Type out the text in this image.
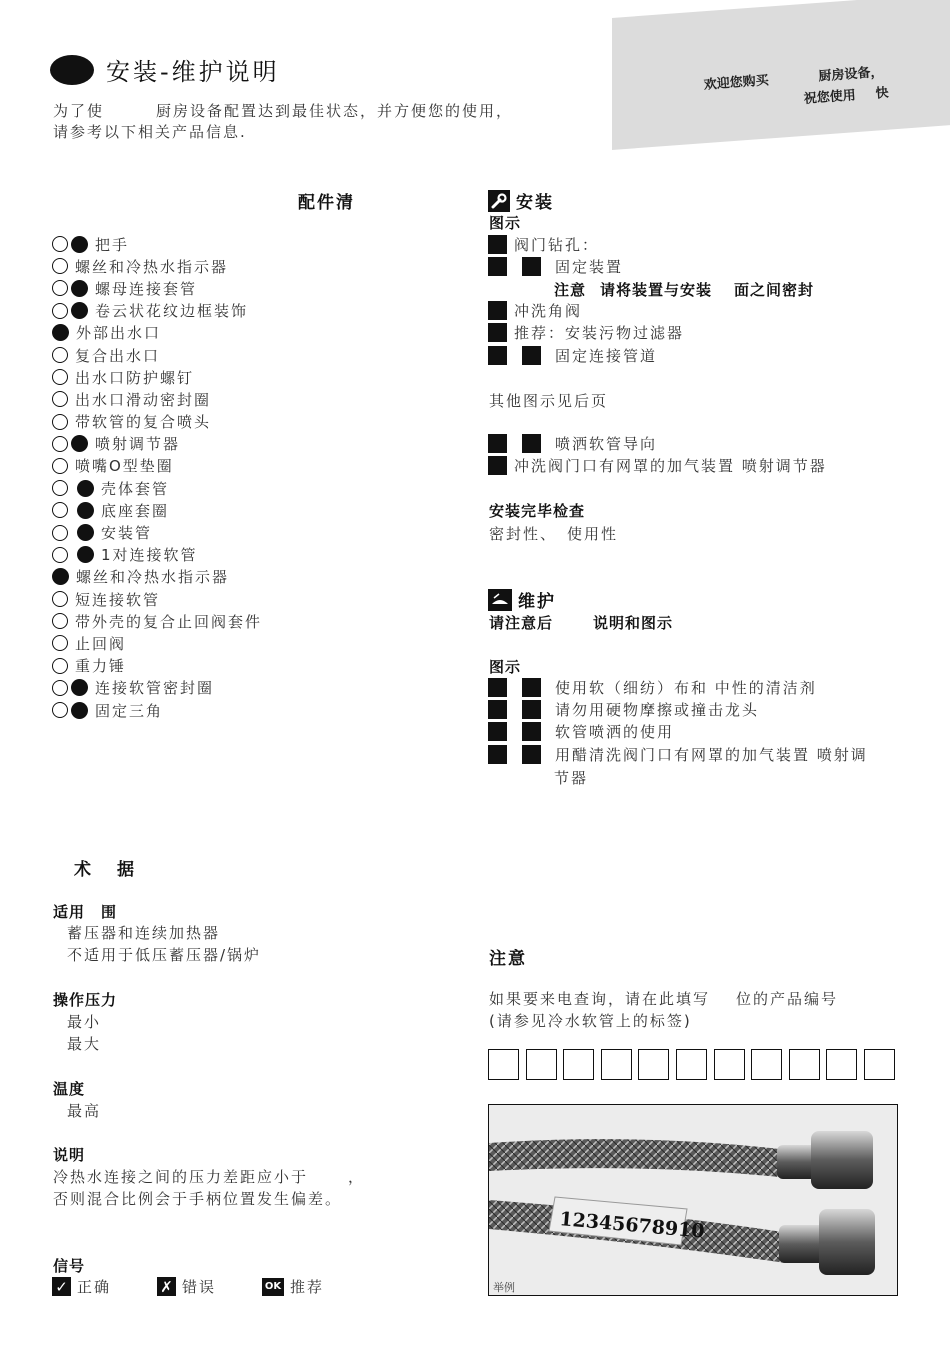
安装-维护说明
为了使	厨房设备配置达到最佳状态，并方便您的使用，
请参考以下相关产品信息.
欢迎您购买	厨房设备，
祝您使用 快
配件清
把手
螺丝和冷热水指示器
螺母连接套管
卷云状花纹边框装饰
外部出水口
复合出水口
出水口防护螺钉
出水口滑动密封圈
带软管的复合喷头
喷射调节器
喷嘴O型垫圈
壳体套管
底座套圈
安装管
1对连接软管
螺丝和冷热水指示器
短连接软管
带外壳的复合止回阀套件
止回阀
重力锤
连接软管密封圈
固定三角
安装
图示
阀门钻孔：
固定装置
冲洗角阀
推荐：安装污物过滤器
固定连接管道
注意 请将装置与安装 面之间密封
其他图示见后页
喷洒软管导向
冲洗阀门口有网罩的加气装置 喷射调节器
安装完毕检查
密封性、 使用性
维护
请注意后	说明和图示
图示
使用软（细纺）布和 中性的清洁剂
请勿用硬物摩擦或撞击龙头
软管喷洒的使用
用醋清洗阀门口有网罩的加气装置 喷射调
节器
术 据
适用　围
蓄压器和连续加热器
不适用于低压蓄压器/锅炉
操作压力
最小
最大
温度
最高
说明
冷热水连接之间的压力差距应小于	，
否则混合比例会于手柄位置发生偏差。
信号
✓ 正确	✗ 错误	OK 推荐
注意
如果要来电查询，请在此填写 位的产品编号
(请参见冷水软管上的标签)
12345678910
举例
